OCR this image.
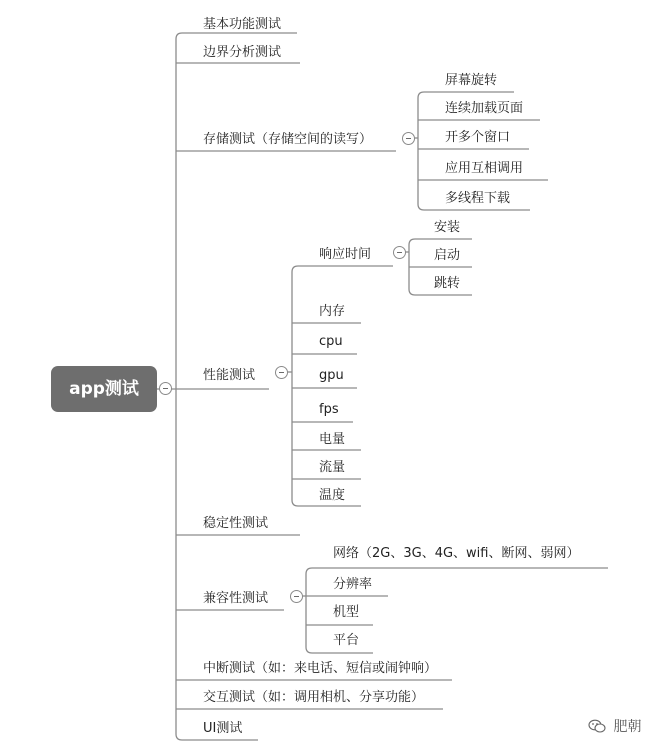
app测试
基本功能测试
边界分析测试
存储测试（存储空间的读写）
性能测试
稳定性测试
兼容性测试
中断测试（如：来电话、短信或闹钟响）
交互测试（如：调用相机、分享功能）
UI测试
屏幕旋转
连续加载页面
开多个窗口
应用互相调用
多线程下载
响应时间
安装
启动
跳转
内存
cpu
gpu
fps
电量
流量
温度
网络（2G、3G、4G、wifi、断网、弱网）
分辨率
机型
平台
肥朝
